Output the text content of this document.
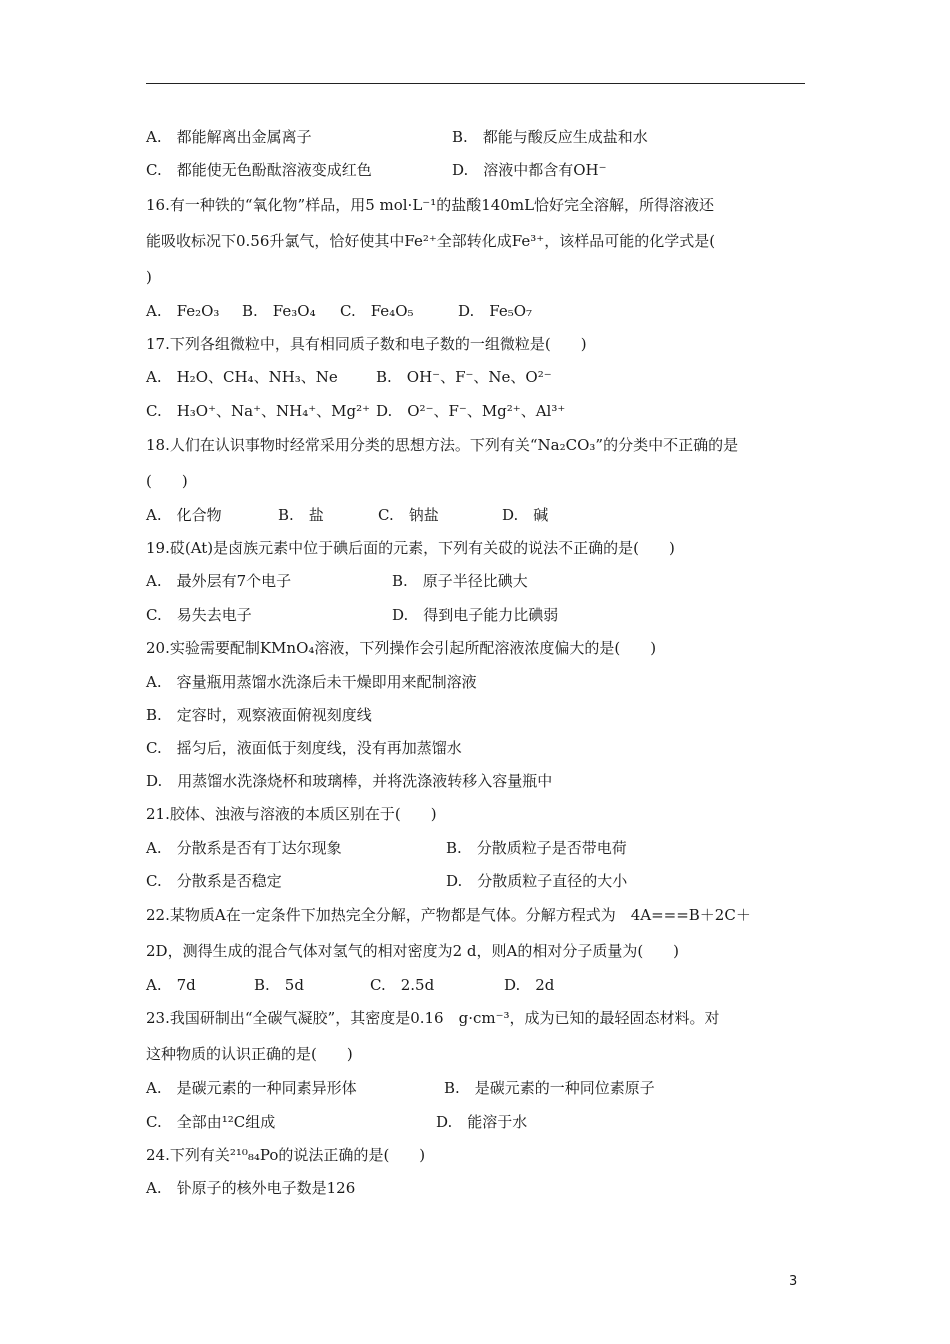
A.　都能解离出金属离子	B.　都能与酸反应生成盐和水
C.　都能使无色酚酞溶液变成红色	D.　溶液中都含有OH⁻
16.有一种铁的“氧化物”样品，用5 mol·L⁻¹的盐酸140mL恰好完全溶解，所得溶液还
能吸收标况下0.56升氯气，恰好使其中Fe²⁺全部转化成Fe³⁺，该样品可能的化学式是(
)
A.　Fe₂O₃ B.　Fe₃O₄ C.　Fe₄O₅	D.　Fe₅O₇
17.下列各组微粒中，具有相同质子数和电子数的一组微粒是(　　)
A.　H₂O、CH₄、NH₃、Ne	B.　OH⁻、F⁻、Ne、O²⁻
C.　H₃O⁺、Na⁺、NH₄⁺、Mg²⁺ D.　O²⁻、F⁻、Mg²⁺、Al³⁺
18.人们在认识事物时经常采用分类的思想方法。下列有关“Na₂CO₃”的分类中不正确的是
(　　)
A.　化合物	B.　盐	C.　钠盐	D.　碱
19.砹(At)是卤族元素中位于碘后面的元素，下列有关砹的说法不正确的是(　　)
A.　最外层有7个电子	B.　原子半径比碘大
C.　易失去电子	D.　得到电子能力比碘弱
20.实验需要配制KMnO₄溶液，下列操作会引起所配溶液浓度偏大的是(　　)
A.　容量瓶用蒸馏水洗涤后未干燥即用来配制溶液
B.　定容时，观察液面俯视刻度线
C.　摇匀后，液面低于刻度线，没有再加蒸馏水
D.　用蒸馏水洗涤烧杯和玻璃棒，并将洗涤液转移入容量瓶中
21.胶体、浊液与溶液的本质区别在于(　　)
A.　分散系是否有丁达尔现象	B.　分散质粒子是否带电荷
C.　分散系是否稳定	D.　分散质粒子直径的大小
22.某物质A在一定条件下加热完全分解，产物都是气体。分解方程式为　4A===B＋2C＋
2D，测得生成的混合气体对氢气的相对密度为2 d，则A的相对分子质量为(　　)
A.　7d	B.　5d	C.　2.5d	D.　2d
23.我国研制出“全碳气凝胶”，其密度是0.16　g·cm⁻³，成为已知的最轻固态材料。对
这种物质的认识正确的是(　　)
A.　是碳元素的一种同素异形体	B.　是碳元素的一种同位素原子
C.　全部由¹²C组成	D.　能溶于水
24.下列有关²¹⁰₈₄Po的说法正确的是(　　)
A.　钋原子的核外电子数是126
3
